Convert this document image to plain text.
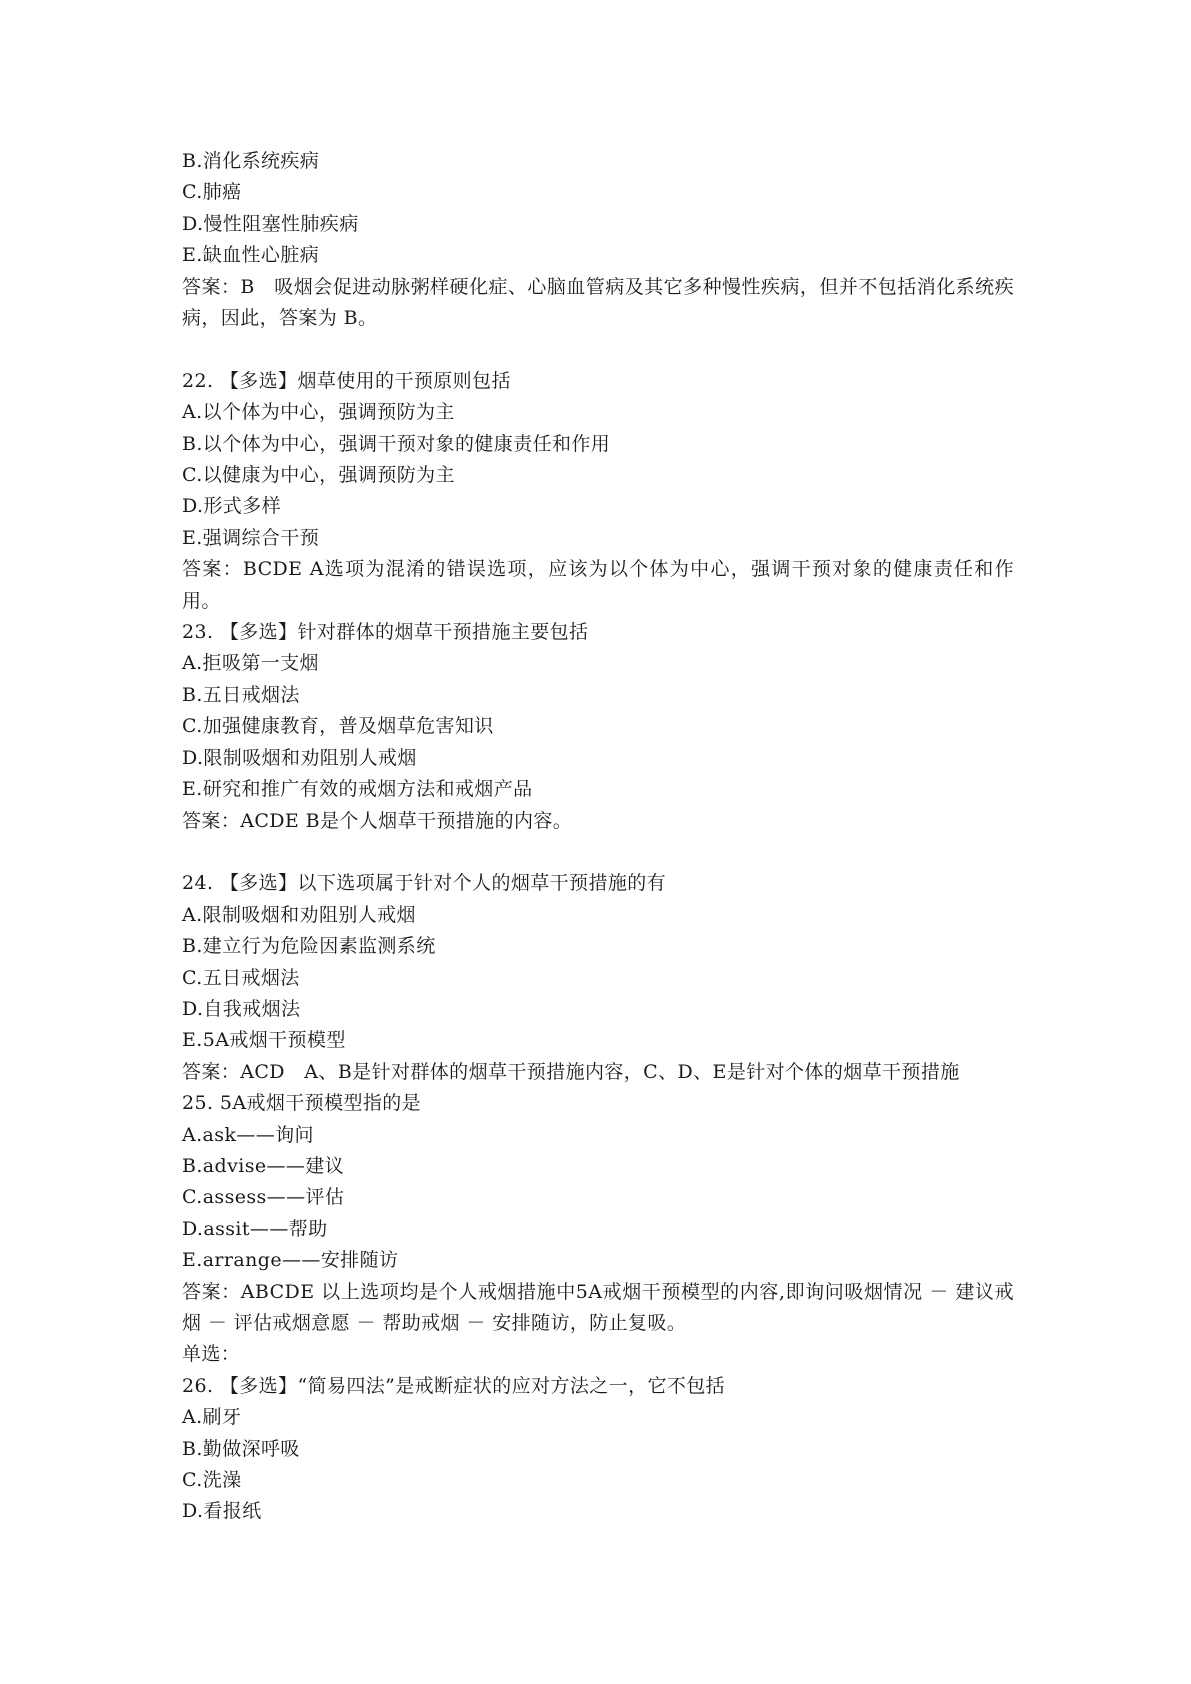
B.消化系统疾病
C.肺癌
D.慢性阻塞性肺疾病
E.缺血性心脏病
答案：B　吸烟会促进动脉粥样硬化症、心脑血管病及其它多种慢性疾病，但并不包括消化系统疾病，因此，答案为 B。
22. 【多选】烟草使用的干预原则包括
A.以个体为中心，强调预防为主
B.以个体为中心，强调干预对象的健康责任和作用
C.以健康为中心，强调预防为主
D.形式多样
E.强调综合干预
答案：BCDE A选项为混淆的错误选项，应该为以个体为中心，强调干预对象的健康责任和作用。
23. 【多选】针对群体的烟草干预措施主要包括
A.拒吸第一支烟
B.五日戒烟法
C.加强健康教育，普及烟草危害知识
D.限制吸烟和劝阻别人戒烟
E.研究和推广有效的戒烟方法和戒烟产品
答案：ACDE B是个人烟草干预措施的内容。
24. 【多选】以下选项属于针对个人的烟草干预措施的有
A.限制吸烟和劝阻别人戒烟
B.建立行为危险因素监测系统
C.五日戒烟法
D.自我戒烟法
E.5A戒烟干预模型
答案：ACD　A、B是针对群体的烟草干预措施内容，C、D、E是针对个体的烟草干预措施
25. 5A戒烟干预模型指的是
A.ask——询问
B.advise——建议
C.assess——评估
D.assit——帮助
E.arrange——安排随访
答案：ABCDE 以上选项均是个人戒烟措施中5A戒烟干预模型的内容,即询问吸烟情况 － 建议戒烟 － 评估戒烟意愿 － 帮助戒烟 － 安排随访，防止复吸。
单选：
26. 【多选】“简易四法”是戒断症状的应对方法之一，它不包括
A.刷牙
B.勤做深呼吸
C.洗澡
D.看报纸
